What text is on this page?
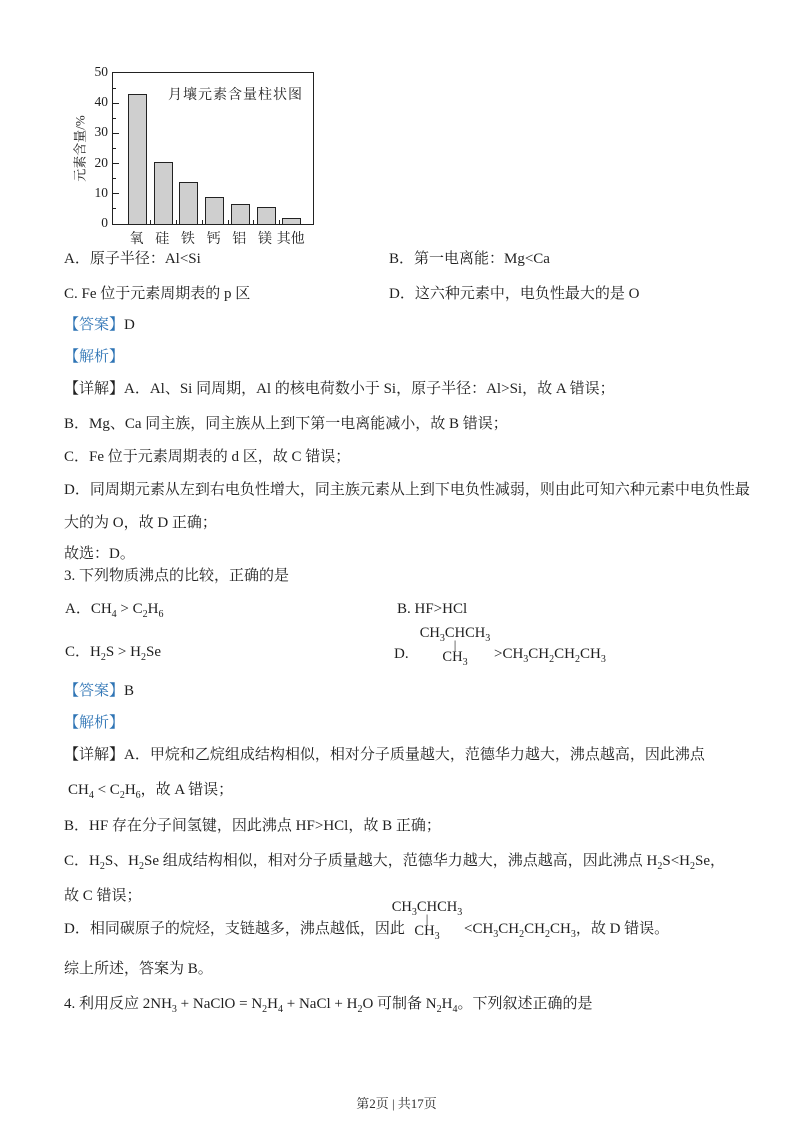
元素含量/%
月壤元素含量柱状图
0
10
20
30
40
50
氧 硅 铁 钙 铝 镁 其他
A．原子半径：Al<Si	B．第一电离能：Mg<Ca
C. Fe 位于元素周期表的 p 区	D．这六种元素中，电负性最大的是 O
【答案】D
【解析】
【详解】A．Al、Si 同周期，Al 的核电荷数小于 Si，原子半径：Al>Si，故 A 错误；
B．Mg、Ca 同主族，同主族从上到下第一电离能减小，故 B 错误；
C．Fe 位于元素周期表的 d 区，故 C 错误；
D．同周期元素从左到右电负性增大，同主族元素从上到下电负性减弱，则由此可知六种元素中电负性最
大的为 O，故 D 正确；
故选：D。
3. 下列物质沸点的比较，正确的是
A．$CH_4 > C_2H_6$	B. HF>HCl
C．$H_2S > H_2Se$	D.
$CH_3CHCH_3$
|
$CH_3$
$>CH_3CH_2CH_2CH_3$
【答案】B
【解析】
【详解】A．甲烷和乙烷组成结构相似，相对分子质量越大，范德华力越大，沸点越高，因此沸点
$CH_4 < C_2H_6$，故 A 错误；
B．HF 存在分子间氢键，因此沸点 HF>HCl，故 B 正确；
C．$H_2S$、$H_2Se$ 组成结构相似，相对分子质量越大，范德华力越大，沸点越高，因此沸点 $H_2S<H_2Se$，
故 C 错误；
D．相同碳原子的烷烃，支链越多，沸点越低，因此
$CH_3CHCH_3$
|
$CH_3$	$<CH_3CH_2CH_2CH_3$，故 D 错误。
综上所述，答案为 B。
4. 利用反应 $2NH_3$ + NaClO = $N_2H_4$ + NaCl + $H_2O$ 可制备 $N_2H_4$。下列叙述正确的是
第2页 | 共17页
